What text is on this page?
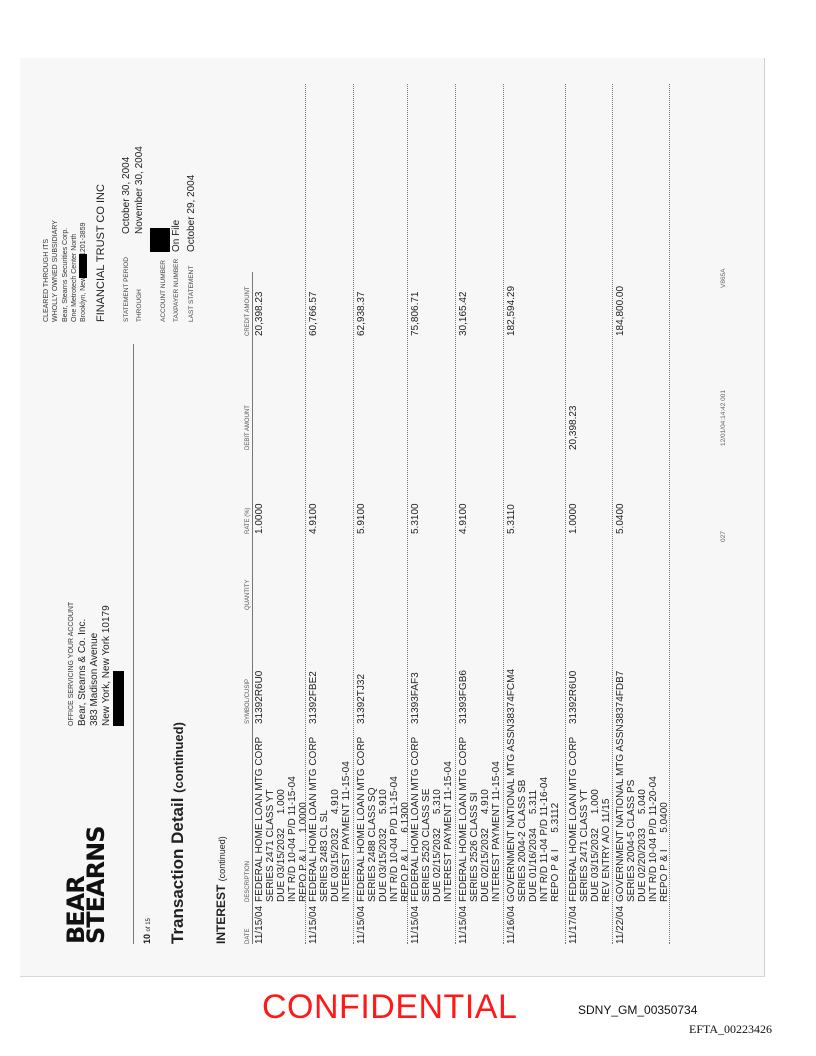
BEAR
STEARNS
OFFICE SERVICING YOUR ACCOUNT Bear, Stearns & Co. Inc. 383 Madison Avenue New York, New York 10179
CLEARED THROUGH ITS WHOLLY OWNED SUBSIDIARY Bear, Stearns Securities Corp. One Metrotech Center North FINANCIAL TRUST CO INC STATEMENT PERIOD
October 30, 2004
THROUGH
November 30, 2004
ACCOUNT NUMBER TAXPAYER NUMBER
On File
LAST STATEMENT
October 29, 2004
10 of 15 Transaction Detail (continued)
INTEREST (continued)
DATE
DESCRIPTION
SYMBOL/CUSIP
QUANTITY
RATE (%)
DEBIT AMOUNT
CREDIT AMOUNT
11/15/04
FEDERAL HOME LOAN MTG CORP
SERIES 2471 CLASS YT
DUE 03/15/2032     1.000
INT R/D 10-04 P/D 11-15-04
REPO P & I      1.0000
31392R6U0
1.0000
20,398.23
11/15/04
FEDERAL HOME LOAN MTG CORP
SERIES 2483 CL SL
DUE 03/15/2032     4.910
INTEREST PAYMENT 11-15-04
31392FBE2
4.9100
60,766.57
11/15/04
FEDERAL HOME LOAN MTG CORP
SERIES 2488 CLASS SQ
DUE 03/15/2032     5.910
INT R/D 10-04 P/D 11-15-04
REPO P & I      6.1300
31392TJ32
5.9100
62,938.37
11/15/04
FEDERAL HOME LOAN MTG CORP
SERIES 2520 CLASS SE
DUE 02/15/2032     5.310
INTEREST PAYMENT 11-15-04
31393FAF3
5.3100
75,806.71
11/15/04
FEDERAL HOME LOAN MTG CORP
SERIES 2526 CLASS SI
DUE 02/15/2032     4.910
INTEREST PAYMENT 11-15-04
31393FGB6
4.9100
30,165.42
11/16/04
GOVERNMENT NATIONAL MTG ASSN
SERIES 2004-2 CLASS SB
DUE 01/16/2034     5.311
INT R/D 11-04 P/D 11-16-04
REPO P & I      5.3112
38374FCM4
5.3110
182,594.29
11/17/04
FEDERAL HOME LOAN MTG CORP
SERIES 2471 CLASS YT
DUE 03/15/2032     1.000
REV ENTRY A/O 11/15
31392R6U0
1.0000
20,398.23
11/22/04
GOVERNMENT NATIONAL MTG ASSN
SERIES 2004-5 CLASS PS
DUE 02/20/2033     5.040
INT R/D 10-04 P/D 11-20-04
REPO P & I      5.0400
38374FDB7
5.0400
184,800.00
027
12/01/04:14:42 001
V865A
CONFIDENTIAL	SDNY_GM_00350734
EFTA_00223426
